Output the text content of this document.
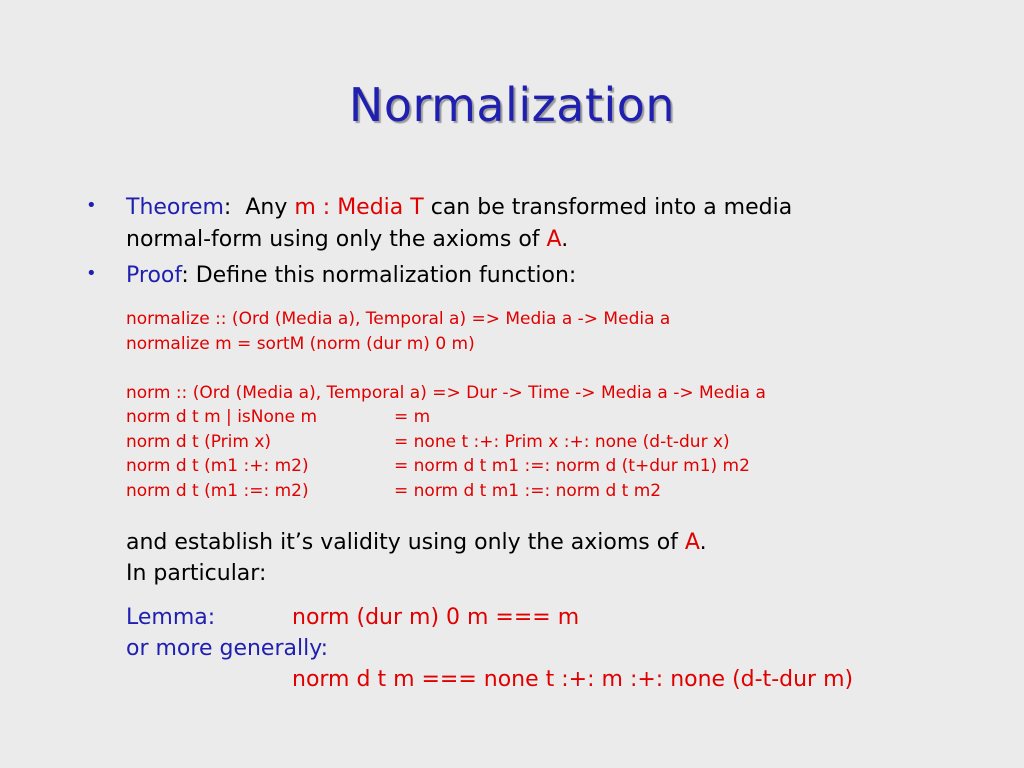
Normalization
• Theorem: Any m : Media T can be transformed into a media
normal-form using only the axioms of A.
• Proof: Define this normalization function:
normalize :: (Ord (Media a), Temporal a) => Media a -> Media a
normalize m = sortM (norm (dur m) 0 m)
norm :: (Ord (Media a), Temporal a) => Dur -> Time -> Media a -> Media a
norm d t m | isNone m	= m
norm d t (Prim x)	= none t :+: Prim x :+: none (d-t-dur x)
norm d t (m1 :+: m2)	= norm d t m1 :=: norm d (t+dur m1) m2
norm d t (m1 :=: m2)	= norm d t m1 :=: norm d t m2
and establish it’s validity using only the axioms of A.
In particular:
Lemma:	norm (dur m) 0 m === m
or more generally:
norm d t m === none t :+: m :+: none (d-t-dur m)
